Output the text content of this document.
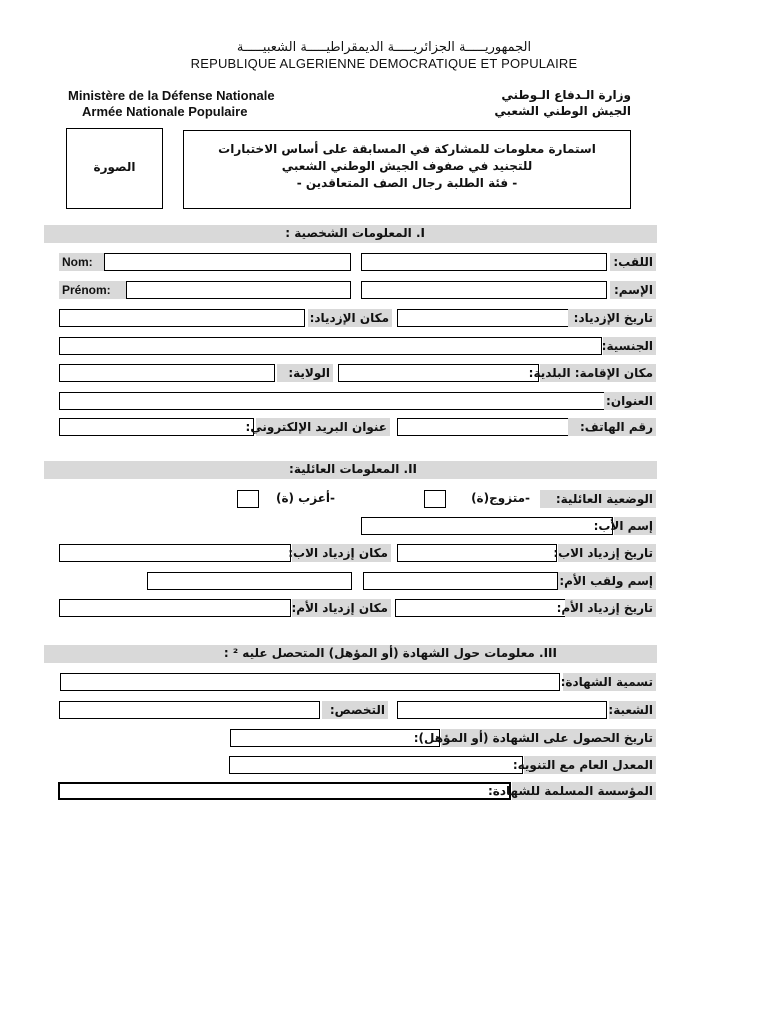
الجمهوريـــــة الجزائريـــــة الديمقراطيـــــة الشعبيـــــة
REPUBLIQUE ALGERIENNE DEMOCRATIQUE ET POPULAIRE
Ministère de la Défense Nationale
Armée Nationale Populaire
وزارة الـدفاع الـوطني
الجيش الوطني الشعبي
الصورة
استمارة معلومات للمشاركة في المسابقة على أساس الاختبارات
للتجنيد في صفوف الجيش الوطني الشعبي
- فئة الطلبة رجال الصف المتعاقدين -
I. المعلومات الشخصية :
Nom:	اللقب:
Prénom:	الإسم:
مكان الإزدياد:	تاريخ الإزدياد:
الجنسية:
الولاية:	مكان الإقامة: البلدية:
العنوان:
عنوان البريد الإلكتروني:	رقم الهاتف:
II. المعلومات العائلية:
-أعزب (ة)	-متزوج(ة)	الوضعية العائلية:
إسم الأب:
مكان إزدياد الاب:	تاريخ إزدياد الاب:
إسم ولقب الأم:
مكان إزدياد الأم:	تاريخ إزدياد الأم:
III. معلومات حول الشهادة (أو المؤهل) المتحصل عليه ² :
تسمية الشهادة:
التخصص:	الشعبة:
تاريخ الحصول على الشهادة (أو المؤهل):
المعدل العام مع التنويه:
المؤسسة المسلمة للشهادة:
